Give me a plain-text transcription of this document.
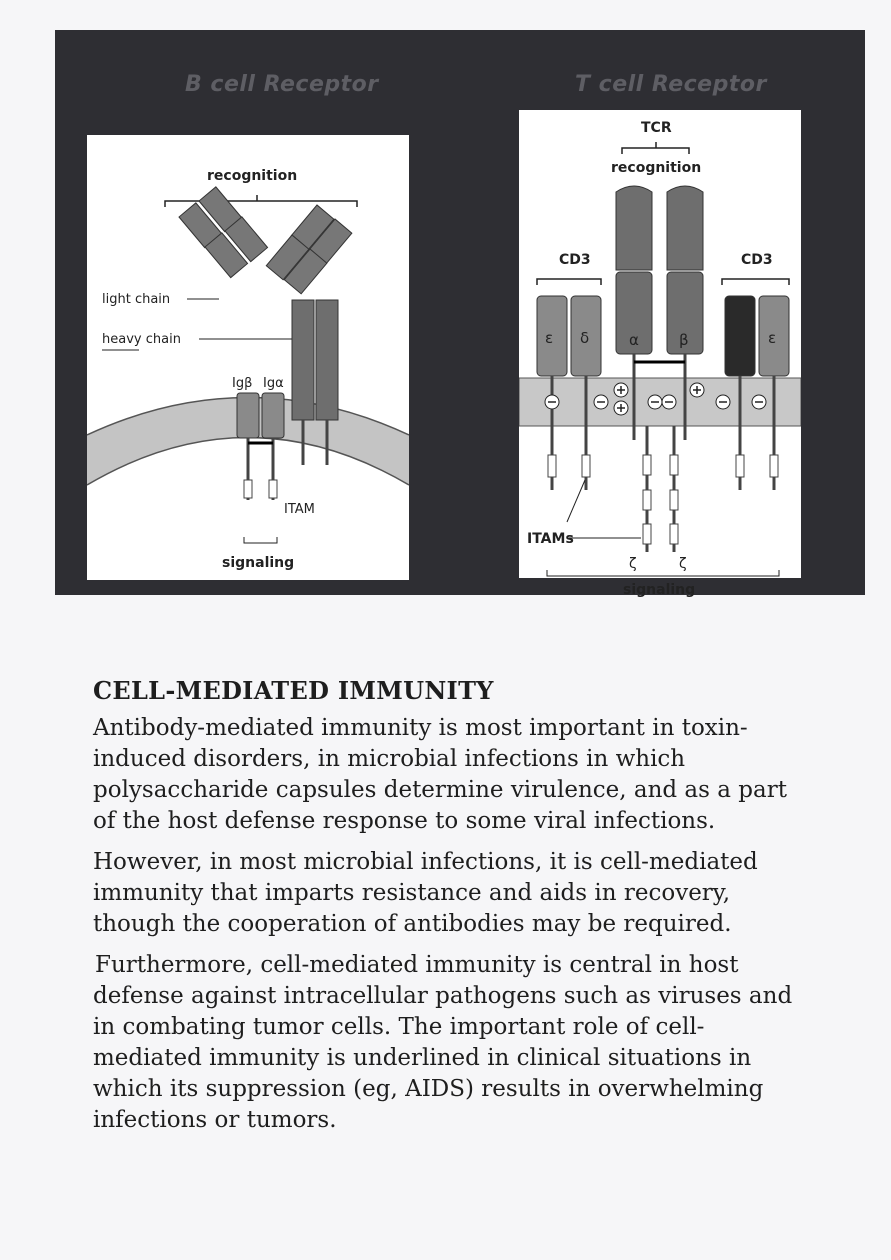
B cell Receptor	T cell Receptor
recognition
light chain
heavy chain
Igβ Igα
ITAM
signaling
TCR
recognition
CD3	CD3
α	β
ε δ	ε
ITAMs
ζ	ζ
signaling
CELL-MEDIATED IMMUNITY

Antibody-mediated immunity is most important in toxin-induced disorders, in microbial infections in which polysaccharide capsules determine virulence, and as a part of the host defense response to some viral infections.

However, in most microbial infections, it is cell-mediated immunity that imparts resistance and aids in recovery, though the cooperation of antibodies may be required.

Furthermore, cell-mediated immunity is central in host defense against intracellular pathogens such as viruses and in combating tumor cells. The important role of cell-mediated immunity is underlined in clinical situations in which its suppression (eg, AIDS) results in overwhelming infections or tumors.
